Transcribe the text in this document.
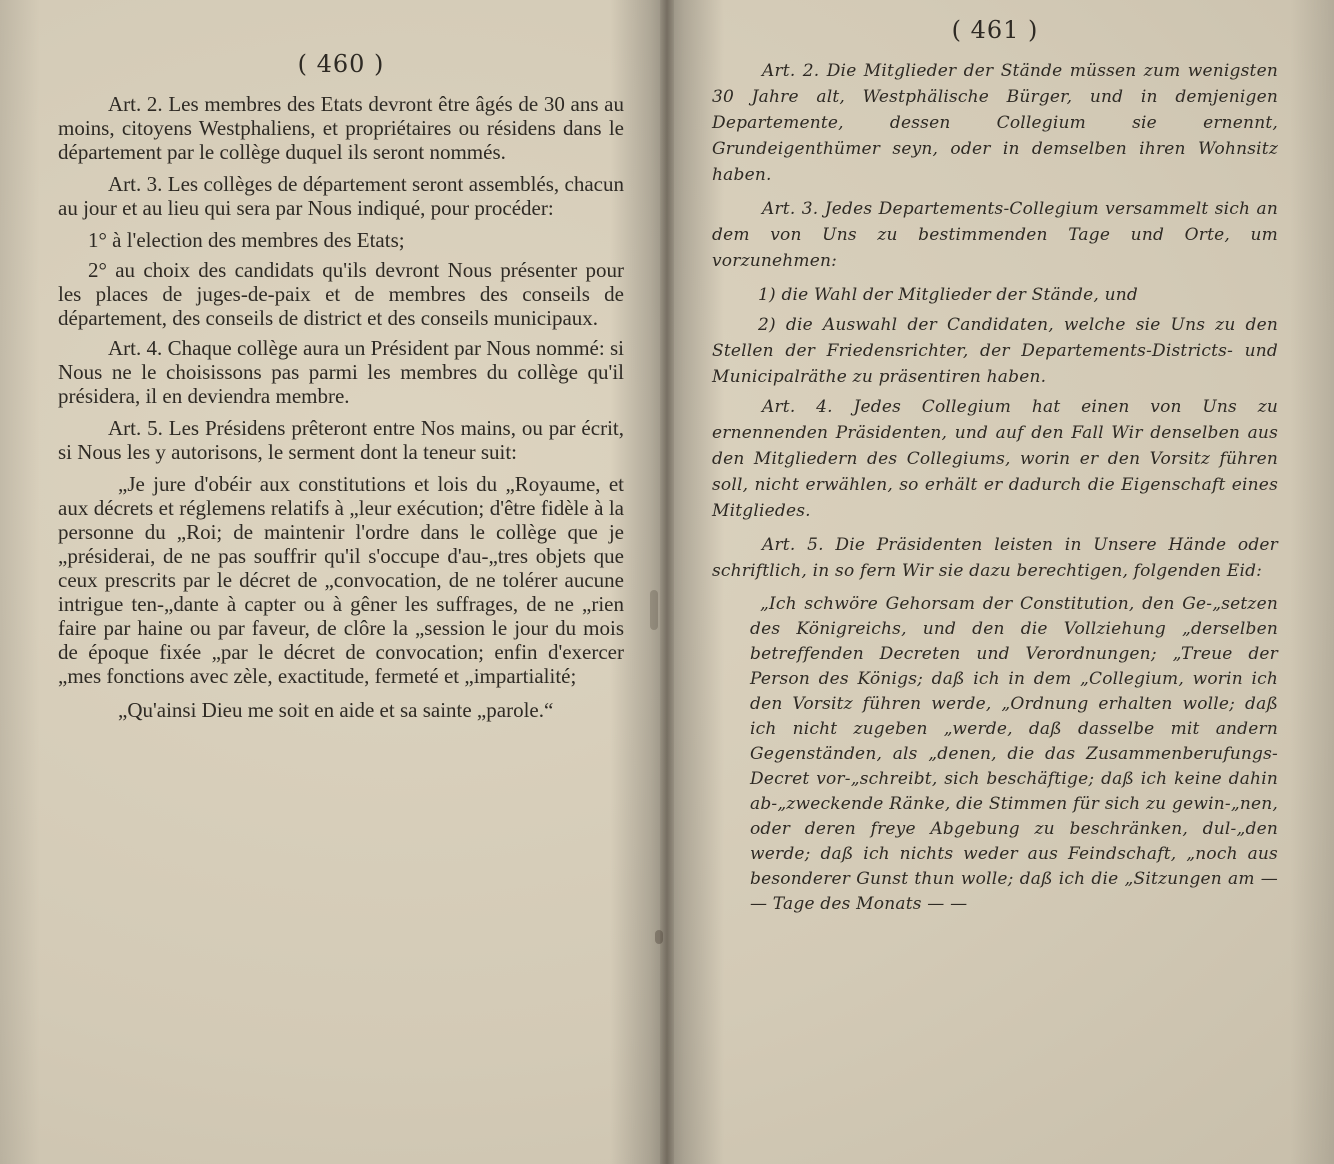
( 460 )

Art. 2. Les membres des Etats devront être âgés de 30 ans au moins, citoyens Westphaliens, et propriétaires ou résidens dans le département par le collège duquel ils seront nommés.

Art. 3. Les collèges de département seront assemblés, chacun au jour et au lieu qui sera par Nous indiqué, pour procéder:

1° à l'election des membres des Etats;

2° au choix des candidats qu'ils devront Nous présenter pour les places de juges-de-paix et de membres des conseils de département, des conseils de district et des conseils municipaux.

Art. 4. Chaque collège aura un Président par Nous nommé: si Nous ne le choisissons pas parmi les membres du collège qu'il présidera, il en deviendra membre.

Art. 5. Les Présidens prêteront entre Nos mains, ou par écrit, si Nous les y autorisons, le serment dont la teneur suit:

„Je jure d'obéir aux constitutions et lois du „Royaume, et aux décrets et réglemens relatifs à „leur exécution; d'être fidèle à la personne du „Roi; de maintenir l'ordre dans le collège que je „présiderai, de ne pas souffrir qu'il s'occupe d'au-„tres objets que ceux prescrits par le décret de „convocation, de ne tolérer aucune intrigue ten-„dante à capter ou à gêner les suffrages, de ne „rien faire par haine ou par faveur, de clôre la „session le jour du mois de époque fixée „par le décret de convocation; enfin d'exercer „mes fonctions avec zèle, exactitude, fermeté et „impartialité;

„Qu'ainsi Dieu me soit en aide et sa sainte „parole.“

( 461 )

Art. 2. Die Mitglieder der Stände müssen zum wenigsten 30 Jahre alt, Westphälische Bürger, und in demjenigen Departemente, dessen Collegium sie ernennt, Grundeigenthümer seyn, oder in demselben ihren Wohnsitz haben.

Art. 3. Jedes Departements-Collegium versammelt sich an dem von Uns zu bestimmenden Tage und Orte, um vorzunehmen:

1) die Wahl der Mitglieder der Stände, und

2) die Auswahl der Candidaten, welche sie Uns zu den Stellen der Friedensrichter, der Departements-Districts- und Municipalräthe zu präsentiren haben.

Art. 4. Jedes Collegium hat einen von Uns zu ernennenden Präsidenten, und auf den Fall Wir denselben aus den Mitgliedern des Collegiums, worin er den Vorsitz führen soll, nicht erwählen, so erhält er dadurch die Eigenschaft eines Mitgliedes.

Art. 5. Die Präsidenten leisten in Unsere Hände oder schriftlich, in so fern Wir sie dazu berechtigen, folgenden Eid:

„Ich schwöre Gehorsam der Constitution, den Ge-„setzen des Königreichs, und den die Vollziehung „derselben betreffenden Decreten und Verordnungen; „Treue der Person des Königs; daß ich in dem „Collegium, worin ich den Vorsitz führen werde, „Ordnung erhalten wolle; daß ich nicht zugeben „werde, daß dasselbe mit andern Gegenständen, als „denen, die das Zusammenberufungs-Decret vor-„schreibt, sich beschäftige; daß ich keine dahin ab-„zweckende Ränke, die Stimmen für sich zu gewin-„nen, oder deren freye Abgebung zu beschränken, dul-„den werde; daß ich nichts weder aus Feindschaft, „noch aus besonderer Gunst thun wolle; daß ich die „Sitzungen am — — Tage des Monats — —
